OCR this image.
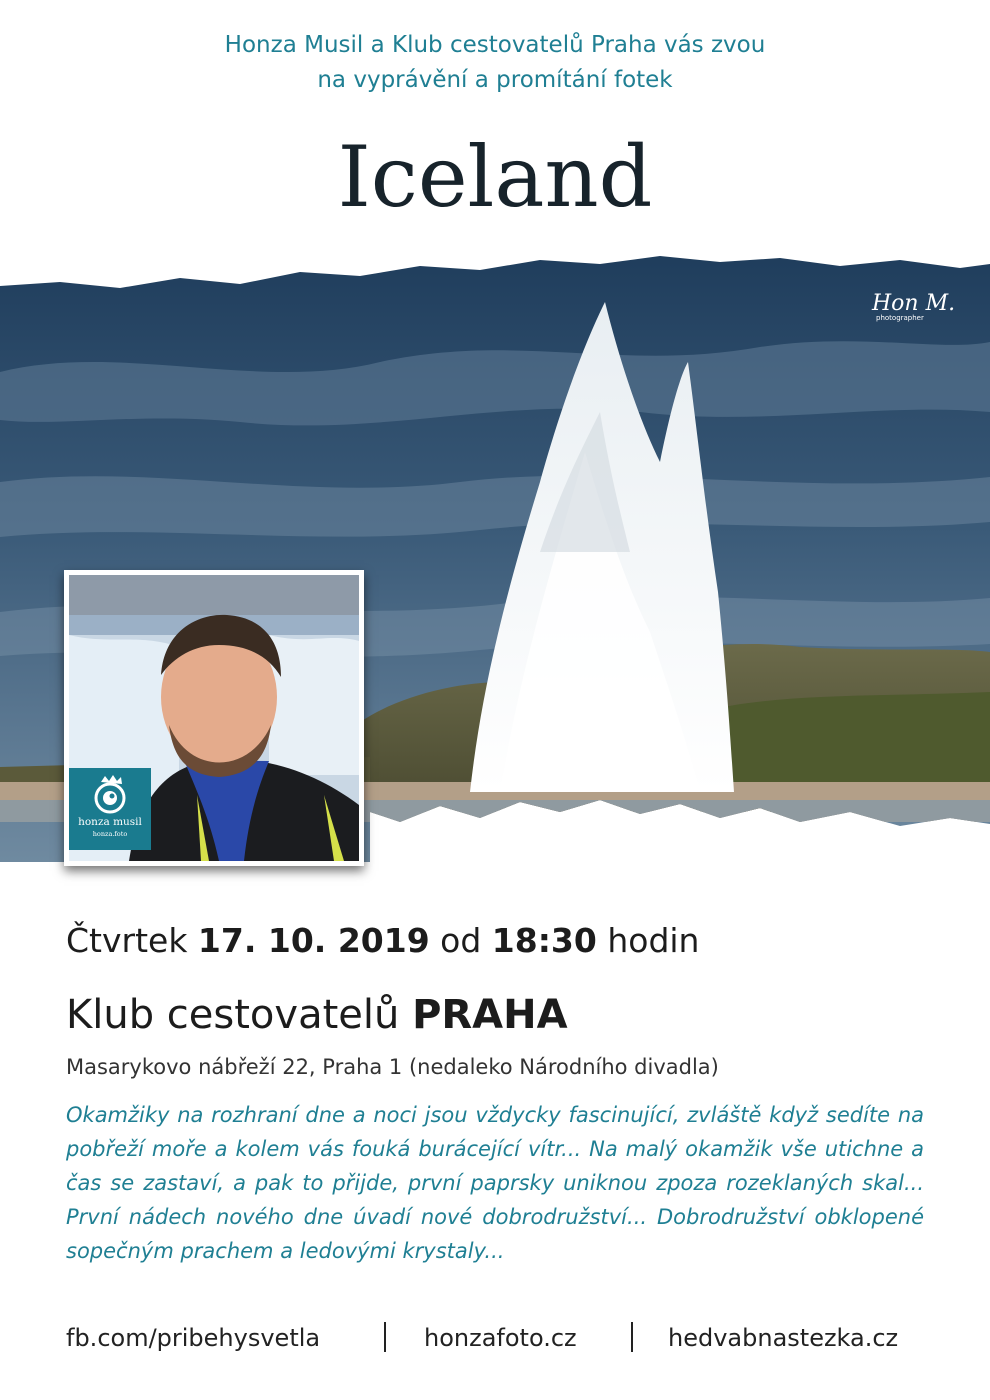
Honza Musil a Klub cestovatelů Praha vás zvou
na vyprávění a promítání fotek
Iceland
Hon M.
photographer
honza musil
honza.foto
Čtvrtek 17. 10. 2019 od 18:30 hodin
Klub cestovatelů PRAHA
Masarykovo nábřeží 22, Praha 1 (nedaleko Národního divadla)
Okamžiky na rozhraní dne a noci jsou vždycky fascinující, zvláště když sedíte na pobřeží moře a kolem vás fouká burácející vítr... Na malý okamžik vše utichne a čas se zastaví, a pak to přijde, první paprsky uniknou zpoza rozeklaných skal... První nádech nového dne úvadí nové dobrodružství... Dobrodružství obklopené sopečným prachem a ledovými krystaly...
fb.com/pribehysvetla	honzafoto.cz	hedvabnastezka.cz
